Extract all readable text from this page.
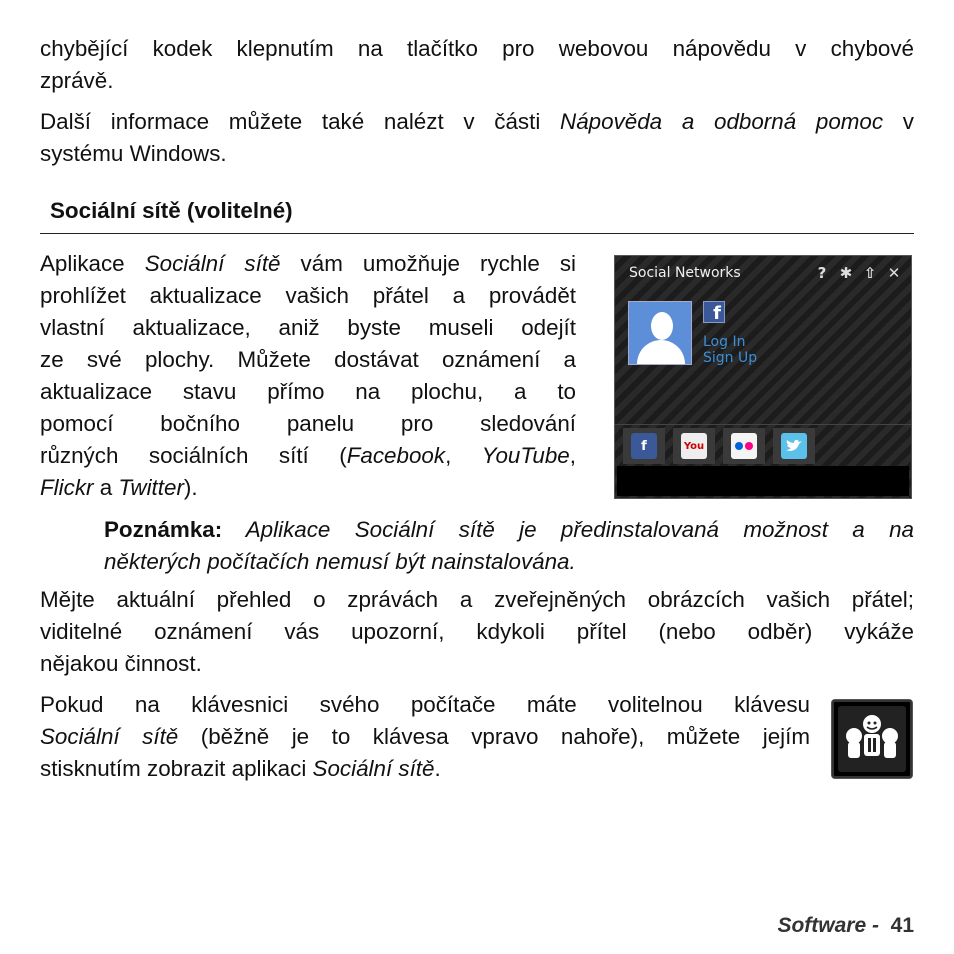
chybějící kodek klepnutím na tlačítko pro webovou nápovědu v chybové
zprávě.

Další informace můžete také nalézt v části Nápověda a odborná pomoc v
systému Windows.

Sociální sítě (volitelné)

Aplikace Sociální sítě vám umožňuje rychle si
prohlížet aktualizace vašich přátel a provádět
vlastní aktualizace, aniž byste museli odejít
ze své plochy. Můžete dostávat oznámení a
aktualizace stavu přímo na plochu, a to
pomocí bočního panelu pro sledování
různých sociálních sítí (Facebook, YouTube,
Flickr a Twitter).

Social Networks	? ✱ ⇧ ✕
f
Log In
Sign Up
f	You

Poznámka: Aplikace Sociální sítě je předinstalovaná možnost a na
některých počítačích nemusí být nainstalována.

Mějte aktuální přehled o zprávách a zveřejněných obrázcích vašich přátel;
viditelné oznámení vás upozorní, kdykoli přítel (nebo odběr) vykáže
nějakou činnost.

Pokud na klávesnici svého počítače máte volitelnou klávesu
Sociální sítě (běžně je to klávesa vpravo nahoře), můžete jejím
stisknutím zobrazit aplikaci Sociální sítě.

Software - 41
